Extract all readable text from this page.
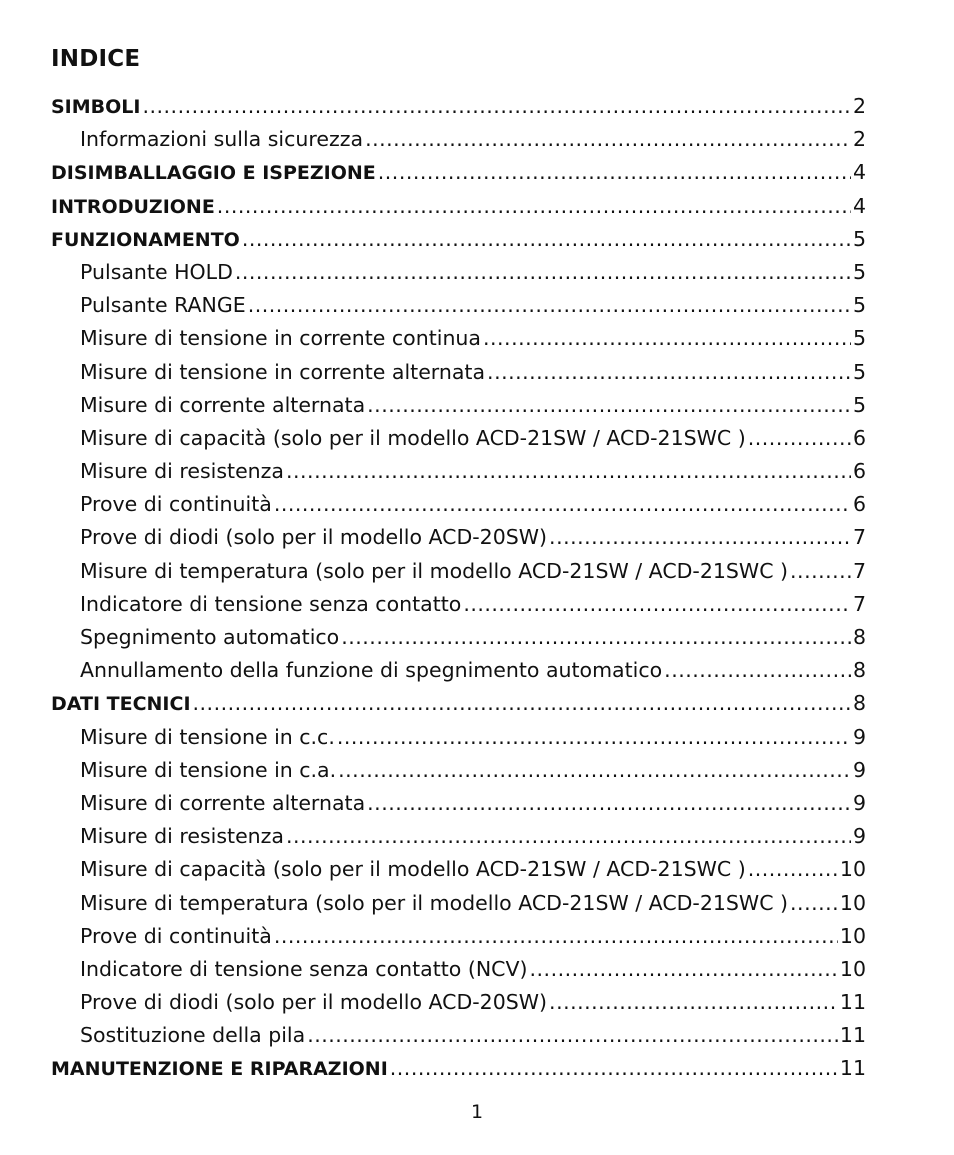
INDICE
SIMBOLI .....	2
Informazioni sulla sicurezza .....	2
DISIMBALLAGGIO E ISPEZIONE .....	4
INTRODUZIONE .....	4
FUNZIONAMENTO .....	5
Pulsante HOLD .....	5
Pulsante RANGE .....	5
Misure di tensione in corrente continua .....	5
Misure di tensione in corrente alternata .....	5
Misure di corrente alternata .....	5
Misure di capacità (solo per il modello ACD-21SW / ACD-21SWC ) .....	6
Misure di resistenza .....	6
Prove di continuità .....	6
Prove di diodi (solo per il modello ACD-20SW) .....	7
Misure di temperatura (solo per il modello ACD-21SW / ACD-21SWC ) .....	7
Indicatore di tensione senza contatto .....	7
Spegnimento automatico .....	8
Annullamento della funzione di spegnimento automatico .....	8
DATI TECNICI .....	8
Misure di tensione in c.c. .....	9
Misure di tensione in c.a. .....	9
Misure di corrente alternata .....	9
Misure di resistenza .....	9
Misure di capacità (solo per il modello ACD-21SW / ACD-21SWC ) .....	10
Misure di temperatura (solo per il modello ACD-21SW / ACD-21SWC ) .....	10
Prove di continuità .....	10
Indicatore di tensione senza contatto (NCV) .....	10
Prove di diodi (solo per il modello ACD-20SW) .....	11
Sostituzione della pila .....	11
MANUTENZIONE E RIPARAZIONI .....	11
1
